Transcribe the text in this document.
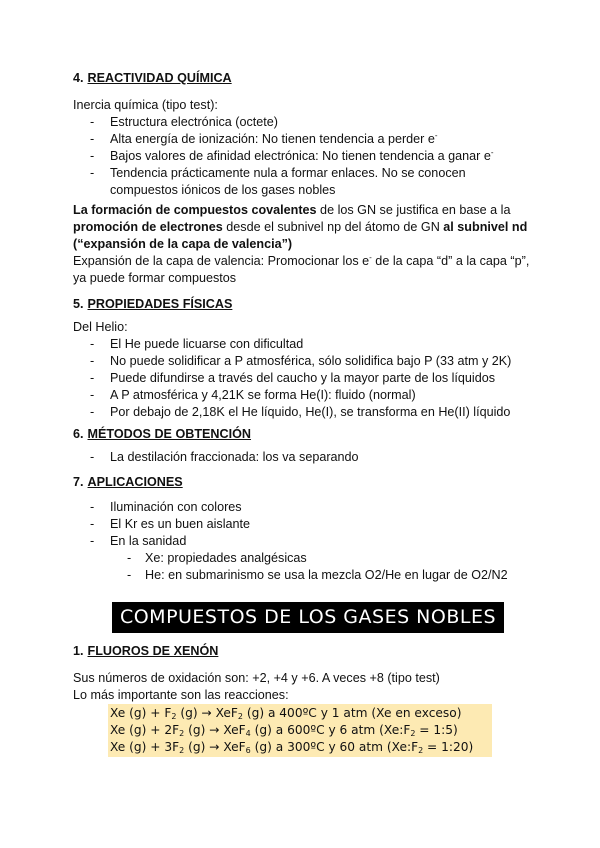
4. REACTIVIDAD QUÍMICA

Inercia química (tipo test):

- Estructura electrónica (octete)
- Alta energía de ionización: No tienen tendencia a perder e-
- Bajos valores de afinidad electrónica: No tienen tendencia a ganar e-
- Tendencia prácticamente nula a formar enlaces. No se conocen
compuestos iónicos de los gases nobles

La formación de compuestos covalentes de los GN se justifica en base a la promoción de electrones desde el subnivel np del átomo de GN al subnivel nd (“expansión de la capa de valencia”)

Expansión de la capa de valencia: Promocionar los e- de la capa “d” a la capa “p”, ya puede formar compuestos

5. PROPIEDADES FÍSICAS

Del Helio:

- El He puede licuarse con dificultad
- No puede solidificar a P atmosférica, sólo solidifica bajo P (33 atm y 2K)
- Puede difundirse a través del caucho y la mayor parte de los líquidos
- A P atmosférica y 4,21K se forma He(I): fluido (normal)
- Por debajo de 2,18K el He líquido, He(I), se transforma en He(II) líquido
6. MÉTODOS DE OBTENCIÓN
- La destilación fraccionada: los va separando
7. APLICACIONES
- Iluminación con colores
- El Kr es un buen aislante
- En la sanidad
- Xe: propiedades analgésicas
- He: en submarinismo se usa la mezcla O2/He en lugar de O2/N2
COMPUESTOS DE LOS GASES NOBLES
1. FLUOROS DE XENÓN

Sus números de oxidación son: +2, +4 y +6. A veces +8 (tipo test)

Lo más importante son las reacciones:

Xe $(g) + F_2$ (g) → XeF$_2$ (g) a 400ºC y 1 atm (Xe en exceso)
Xe $(g) + 2F_2$ (g) → XeF$_4$ (g) a 600ºC y 6 atm ($Xe:F_2$ = 1:5)
Xe $(g) + 3F_2$ (g) → XeF$_6$ (g) a 300ºC y 60 atm ($Xe:F_2$ = 1:20)
